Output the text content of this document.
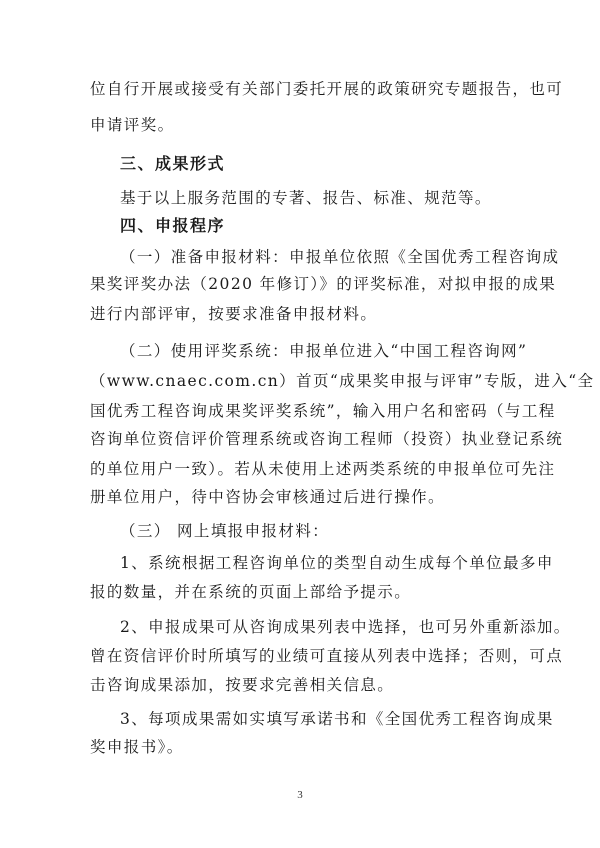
位自行开展或接受有关部门委托开展的政策研究专题报告，也可
申请评奖。
三、成果形式
基于以上服务范围的专著、报告、标准、规范等。
四、申报程序
（一）准备申报材料：申报单位依照《全国优秀工程咨询成
果奖评奖办法（2020 年修订）》的评奖标准，对拟申报的成果
进行内部评审，按要求准备申报材料。
（二）使用评奖系统：申报单位进入“中国工程咨询网”
（www.cnaec.com.cn）首页“成果奖申报与评审”专版，进入“全
国优秀工程咨询成果奖评奖系统”，输入用户名和密码（与工程
咨询单位资信评价管理系统或咨询工程师（投资）执业登记系统
的单位用户一致）。若从未使用上述两类系统的申报单位可先注
册单位用户，待中咨协会审核通过后进行操作。
（三） 网上填报申报材料：
1、系统根据工程咨询单位的类型自动生成每个单位最多申
报的数量，并在系统的页面上部给予提示。
2、申报成果可从咨询成果列表中选择，也可另外重新添加。
曾在资信评价时所填写的业绩可直接从列表中选择；否则，可点
击咨询成果添加，按要求完善相关信息。
3、每项成果需如实填写承诺书和《全国优秀工程咨询成果
奖申报书》。
3
